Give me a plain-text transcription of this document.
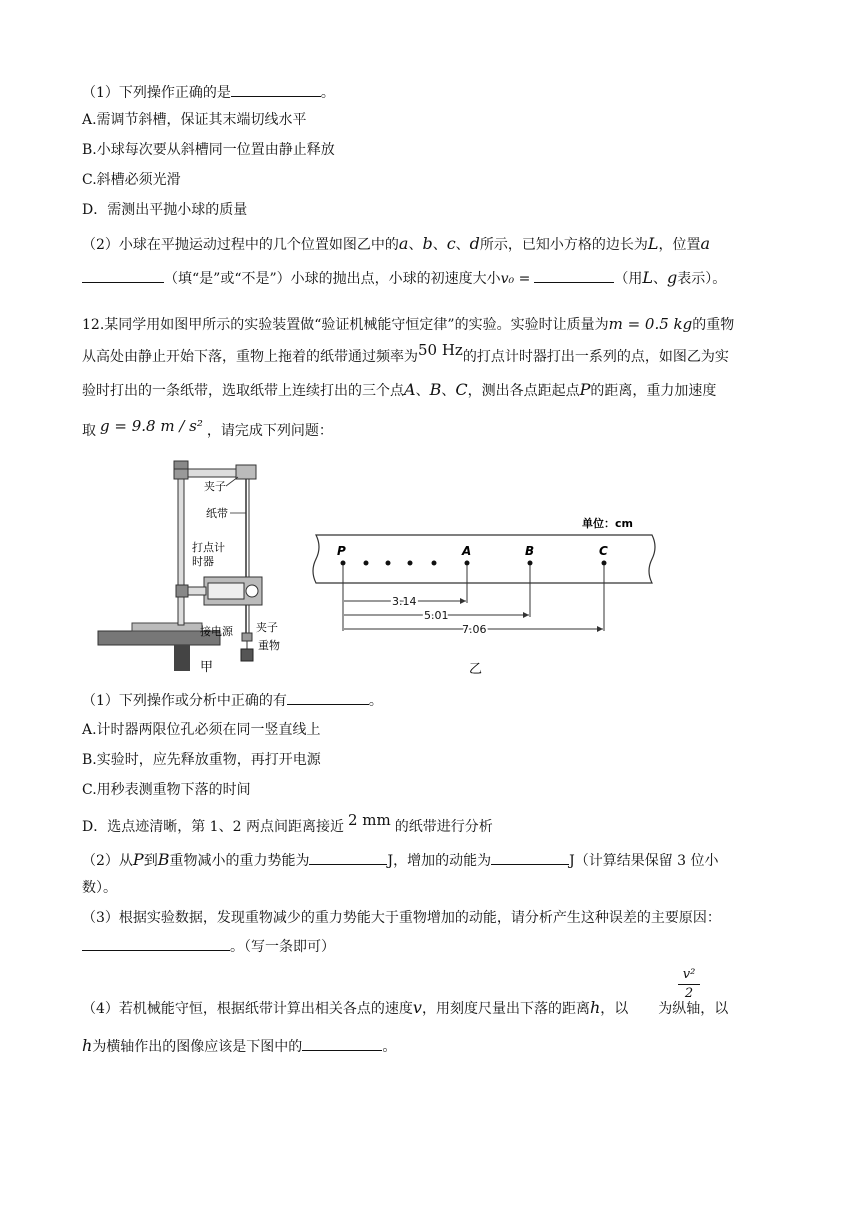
（1）下列操作正确的是	。
A.需调节斜槽，保证其末端切线水平
B.小球每次要从斜槽同一位置由静止释放
C.斜槽必须光滑
D．需测出平抛小球的质量
（2）小球在平抛运动过程中的几个位置如图乙中的a、b、c、d所示，已知小方格的边长为L，位置a
（填“是”或“不是”）小球的抛出点，小球的初速度大小v₀ =	（用L、g表示）。
12.某同学用如图甲所示的实验装置做“验证机械能守恒定律”的实验。实验时让质量为m = 0.5 kg的重物
从高处由静止开始下落，重物上拖着的纸带通过频率为50 Hz的打点计时器打出一系列的点，如图乙为实
验时打出的一条纸带，选取纸带上连续打出的三个点A、B、C，测出各点距起点P的距离，重力加速度
取 g = 9.8 m / s² ，请完成下列问题：
夹子
纸带
打点计
时器
接电源 夹子
重物
甲
单位：cm
P	A	B	C
3.14
5.01
7.06
乙
（1）下列操作或分析中正确的有	。
A.计时器两限位孔必须在同一竖直线上
B.实验时，应先释放重物，再打开电源
C.用秒表测重物下落的时间
D．选点迹清晰，第 1、2 两点间距离接近 2 mm 的纸带进行分析
（2）从P到B重物减小的重力势能为	J，增加的动能为	J（计算结果保留 3 位小
数）。
（3）根据实验数据，发现重物减少的重力势能大于重物增加的动能，请分析产生这种误差的主要原因：
。（写一条即可）
（4）若机械能守恒，根据纸带计算出相关各点的速度v，用刻度尺量出下落的距离h，以 为纵轴，以
$\frac{\text{v²}}{2}$
h为横轴作出的图像应该是下图中的	。
